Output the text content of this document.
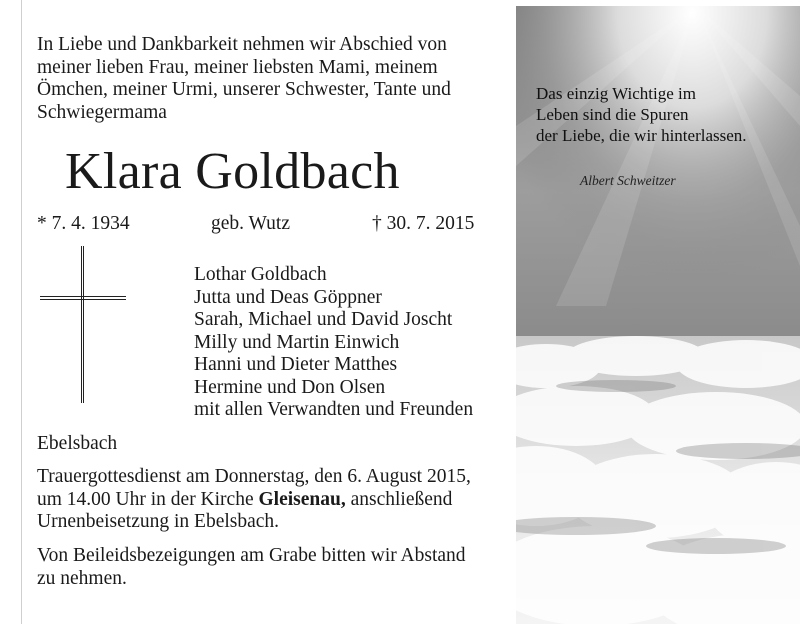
In Liebe und Dankbarkeit nehmen wir Abschied von
meiner lieben Frau, meiner liebsten Mami, meinem
Ömchen, meiner Urmi, unserer Schwester, Tante und
Schwiegermama

Klara Goldbach
* 7. 4. 1934	geb. Wutz	† 30. 7. 2015
Lothar Goldbach
Jutta und Deas Göppner
Sarah, Michael und David Joscht
Milly und Martin Einwich
Hanni und Dieter Matthes
Hermine und Don Olsen
mit allen Verwandten und Freunden
Ebelsbach
Trauergottesdienst am Donnerstag, den 6. August 2015,
um 14.00 Uhr in der Kirche Gleisenau, anschließend
Urnenbeisetzung in Ebelsbach.
Von Beileidsbezeigungen am Grabe bitten wir Abstand
zu nehmen.
Das einzig Wichtige im
Leben sind die Spuren
der Liebe, die wir hinterlassen.
Albert Schweitzer
